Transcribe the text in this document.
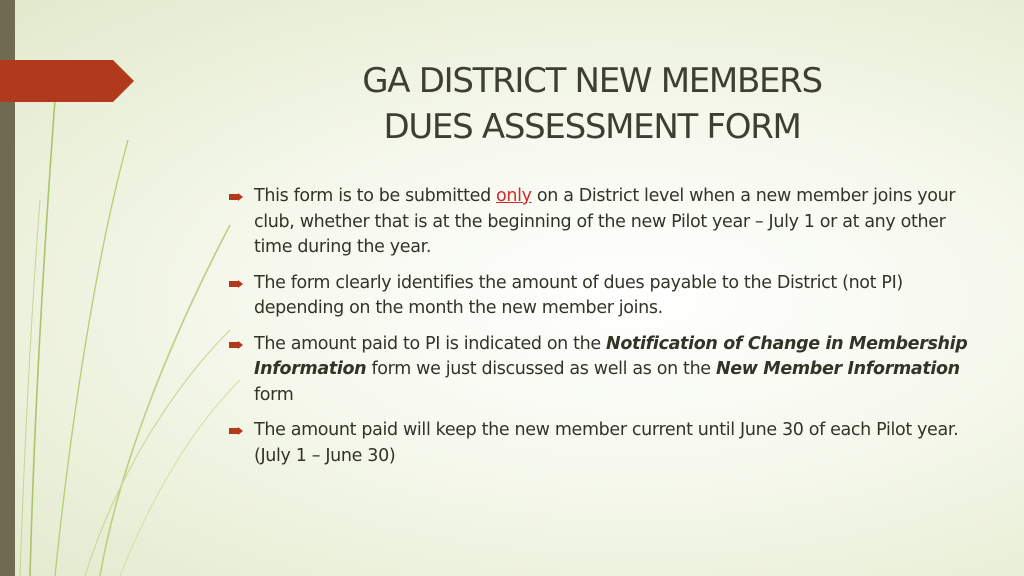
GA DISTRICT NEW MEMBERS
DUES ASSESSMENT FORM
This form is to be submitted only on a District level when a new member joins your club, whether that is at the beginning of the new Pilot year – July 1 or at any other time during the year.
The form clearly identifies the amount of dues payable to the District (not PI) depending on the month the new member joins.
The amount paid to PI is indicated on the Notification of Change in Membership Information form we just discussed as well as on the New Member Information form
The amount paid will keep the new member current until June 30 of each Pilot year. (July 1 – June 30)
